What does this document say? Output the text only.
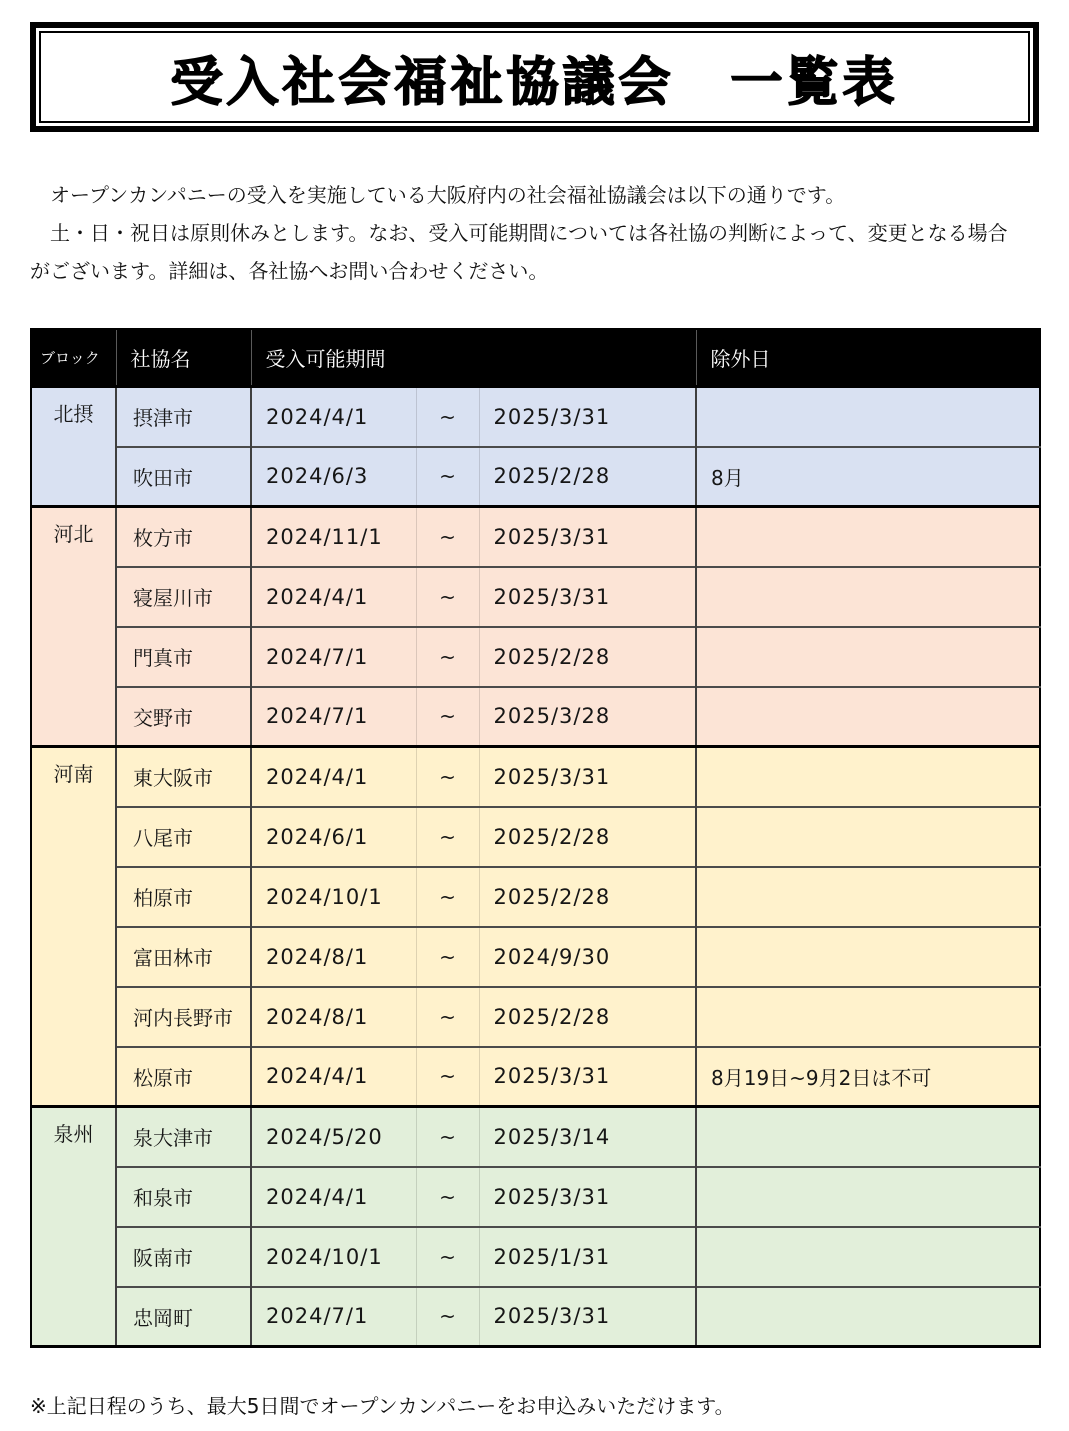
受入社会福祉協議会　一覧表
　オープンカンパニーの受入を実施している大阪府内の社会福祉協議会は以下の通りです。
　土・日・祝日は原則休みとします。なお、受入可能期間については各社協の判断によって、変更となる場合
がございます。詳細は、各社協へお問い合わせください。
ブロック	社協名	受入可能期間			除外日
北摂	摂津市	2024/4/1	~	2025/3/31	
	吹田市	2024/6/3	~	2025/2/28	8月
河北	枚方市	2024/11/1	~	2025/3/31	
	寝屋川市	2024/4/1	~	2025/3/31	
	門真市	2024/7/1	~	2025/2/28	
	交野市	2024/7/1	~	2025/3/28	
河南	東大阪市	2024/4/1	~	2025/3/31	
	八尾市	2024/6/1	~	2025/2/28	
	柏原市	2024/10/1	~	2025/2/28	
	富田林市	2024/8/1	~	2024/9/30	
	河内長野市	2024/8/1	~	2025/2/28	
	松原市	2024/4/1	~	2025/3/31	8月19日~9月2日は不可
泉州	泉大津市	2024/5/20	~	2025/3/14	
	和泉市	2024/4/1	~	2025/3/31	
	阪南市	2024/10/1	~	2025/1/31	
	忠岡町	2024/7/1	~	2025/3/31	
※上記日程のうち、最大5日間でオープンカンパニーをお申込みいただけます。
